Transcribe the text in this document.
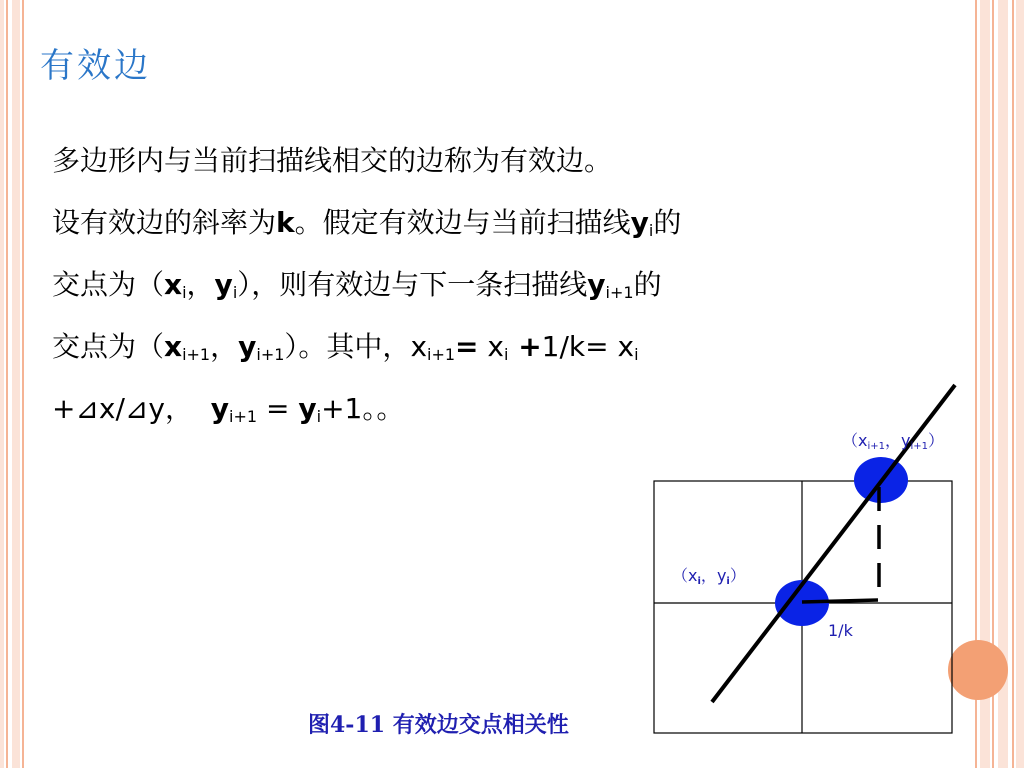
有效边
多边形内与当前扫描线相交的边称为有效边。
设有效边的斜率为k。假定有效边与当前扫描线$y_i$的
交点为（$x_i$，$y_i$），则有效边与下一条扫描线$y_{i+1}$的
交点为（$x_{i+1}$，$y_{i+1}$）。其中，$x_{i+1}= x_i +1/k= x_i$
+⊿x/⊿y， $y_{i+1} = y_i+1$。。
（$x_{i+1}$，$y_{i+1}$）
（$x_i$，$y_i$）
1/k
图4-11 有效边交点相关性
